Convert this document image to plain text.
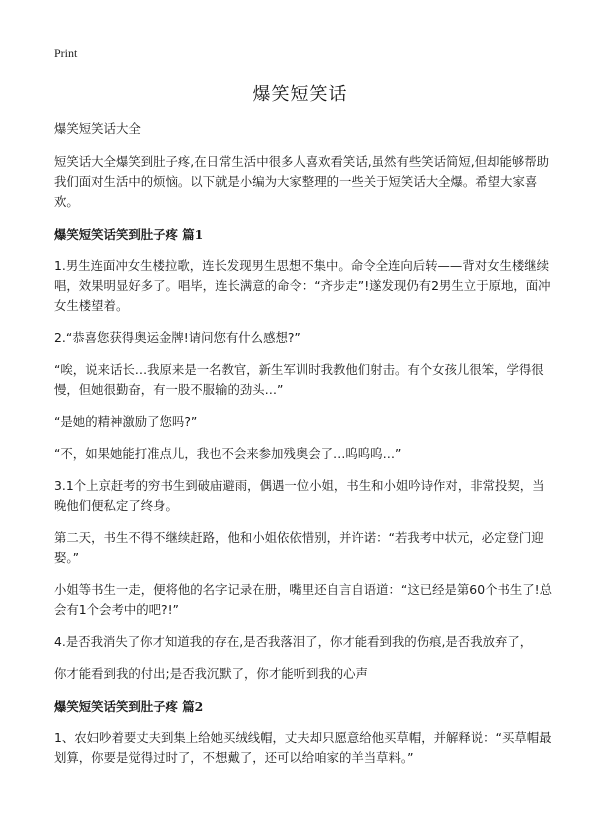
Print
爆笑短笑话

爆笑短笑话大全

短笑话大全爆笑到肚子疼,在日常生活中很多人喜欢看笑话,虽然有些笑话简短,但却能够帮助我们面对生活中的烦恼。以下就是小编为大家整理的一些关于短笑话大全爆。希望大家喜欢。

爆笑短笑话笑到肚子疼 篇1

1.男生连面冲女生楼拉歌，连长发现男生思想不集中。命令全连向后转——背对女生楼继续唱，效果明显好多了。唱毕，连长满意的命令：“齐步走”!遂发现仍有2男生立于原地，面冲女生楼望着。

2.“恭喜您获得奥运金牌!请问您有什么感想?”

“唉，说来话长…我原来是一名教官，新生军训时我教他们射击。有个女孩儿很笨，学得很慢，但她很勤奋，有一股不服输的劲头…”

“是她的精神激励了您吗?”

“不，如果她能打准点儿，我也不会来参加残奥会了…呜呜呜…”

3.1个上京赶考的穷书生到破庙避雨，偶遇一位小姐，书生和小姐吟诗作对，非常投契，当晚他们便私定了终身。

第二天，书生不得不继续赶路，他和小姐依依惜别，并许诺：“若我考中状元，必定登门迎娶。”

小姐等书生一走，便将他的名字记录在册，嘴里还自言自语道：“这已经是第60个书生了!总会有1个会考中的吧?!”

4.是否我消失了你才知道我的存在,是否我落泪了，你才能看到我的伤痕,是否我放弃了，

你才能看到我的付出;是否我沉默了，你才能听到我的心声

爆笑短笑话笑到肚子疼 篇2

1、农妇吵着要丈夫到集上给她买绒线帽，丈夫却只愿意给他买草帽，并解释说：“买草帽最划算，你要是觉得过时了，不想戴了，还可以给咱家的羊当草料。”
